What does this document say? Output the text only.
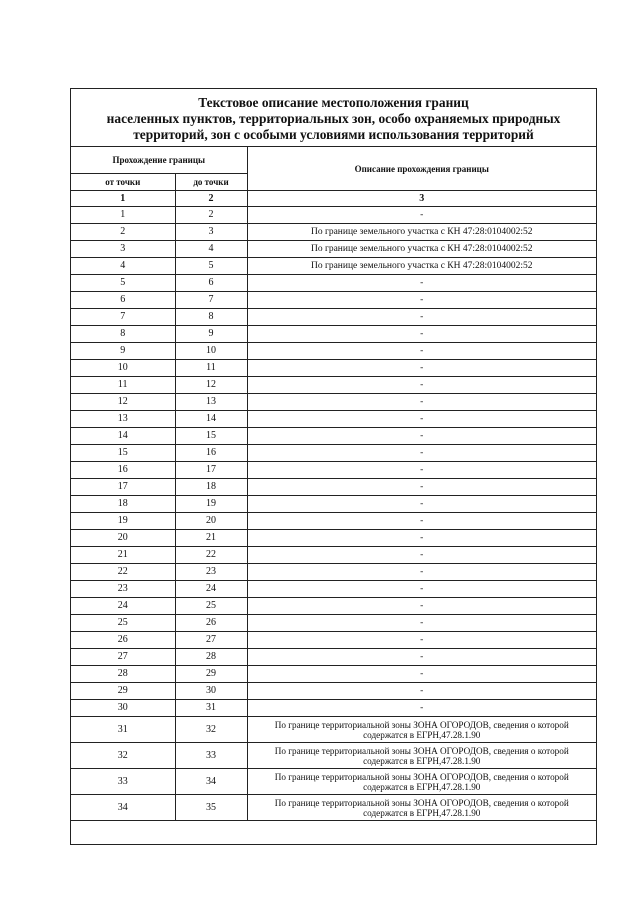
Текстовое описание местоположения границ
населенных пунктов, территориальных зон, особо охраняемых природных
территорий, зон с особыми условиями использования территорий
Прохождение границы		Описание прохождения границы
от точки	до точки	
1	2	3
1	2	-
2	3	По границе земельного участка с КН 47:28:0104002:52
3	4	По границе земельного участка с КН 47:28:0104002:52
4	5	По границе земельного участка с КН 47:28:0104002:52
5	6	-
6	7	-
7	8	-
8	9	-
9	10	-
10	11	-
11	12	-
12	13	-
13	14	-
14	15	-
15	16	-
16	17	-
17	18	-
18	19	-
19	20	-
20	21	-
21	22	-
22	23	-
23	24	-
24	25	-
25	26	-
26	27	-
27	28	-
28	29	-
29	30	-
30	31	-
31	32	По границе территориальной зоны ЗОНА ОГОРОДОВ, сведения о которой содержатся в ЕГРН,47.28.1.90
32	33	По границе территориальной зоны ЗОНА ОГОРОДОВ, сведения о которой содержатся в ЕГРН,47.28.1.90
33	34	По границе территориальной зоны ЗОНА ОГОРОДОВ, сведения о которой содержатся в ЕГРН,47.28.1.90
34	35	По границе территориальной зоны ЗОНА ОГОРОДОВ, сведения о которой содержатся в ЕГРН,47.28.1.90
